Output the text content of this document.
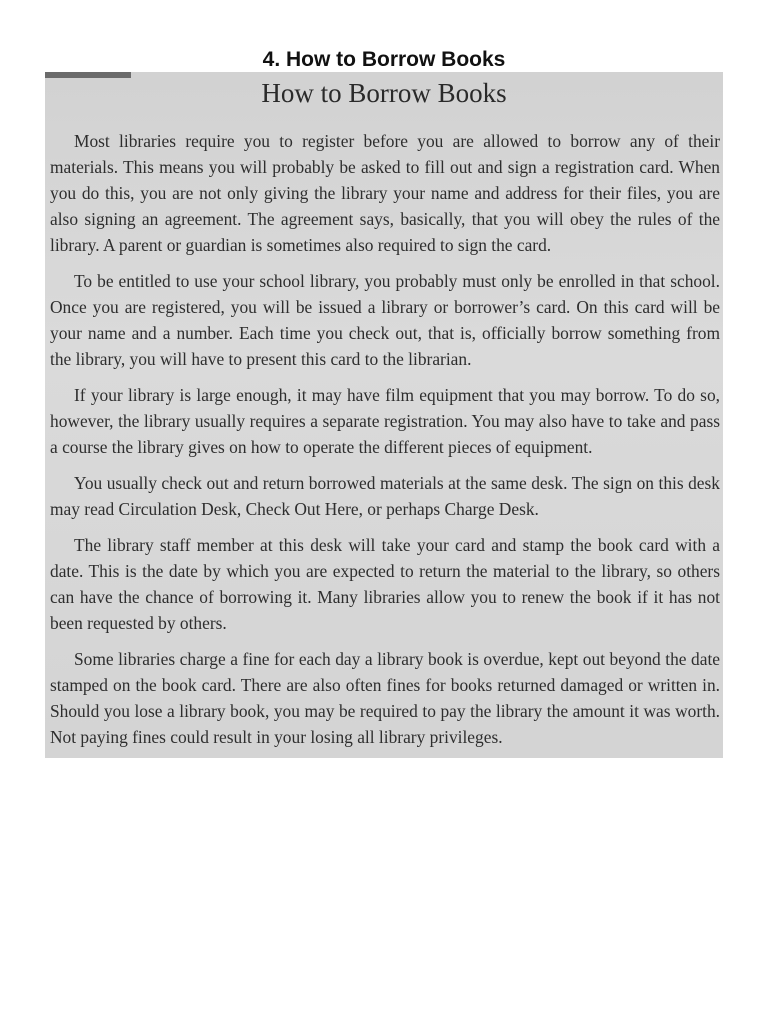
4. How to Borrow Books
How to Borrow Books

Most libraries require you to register before you are allowed to borrow any of their materials. This means you will probably be asked to fill out and sign a registration card. When you do this, you are not only giving the library your name and address for their files, you are also signing an agreement. The agreement says, basically, that you will obey the rules of the library. A parent or guardian is sometimes also required to sign the card.

To be entitled to use your school library, you probably must only be enrolled in that school. Once you are registered, you will be issued a library or borrower’s card. On this card will be your name and a number. Each time you check out, that is, officially borrow something from the library, you will have to present this card to the librarian.

If your library is large enough, it may have film equipment that you may borrow. To do so, however, the library usually requires a separate registration. You may also have to take and pass a course the library gives on how to operate the different pieces of equipment.

You usually check out and return borrowed materials at the same desk. The sign on this desk may read Circulation Desk, Check Out Here, or perhaps Charge Desk.

The library staff member at this desk will take your card and stamp the book card with a date. This is the date by which you are expected to return the material to the library, so others can have the chance of borrowing it. Many libraries allow you to renew the book if it has not been requested by others.

Some libraries charge a fine for each day a library book is overdue, kept out beyond the date stamped on the book card. There are also often fines for books returned damaged or written in. Should you lose a library book, you may be required to pay the library the amount it was worth. Not paying fines could result in your losing all library privileges.
